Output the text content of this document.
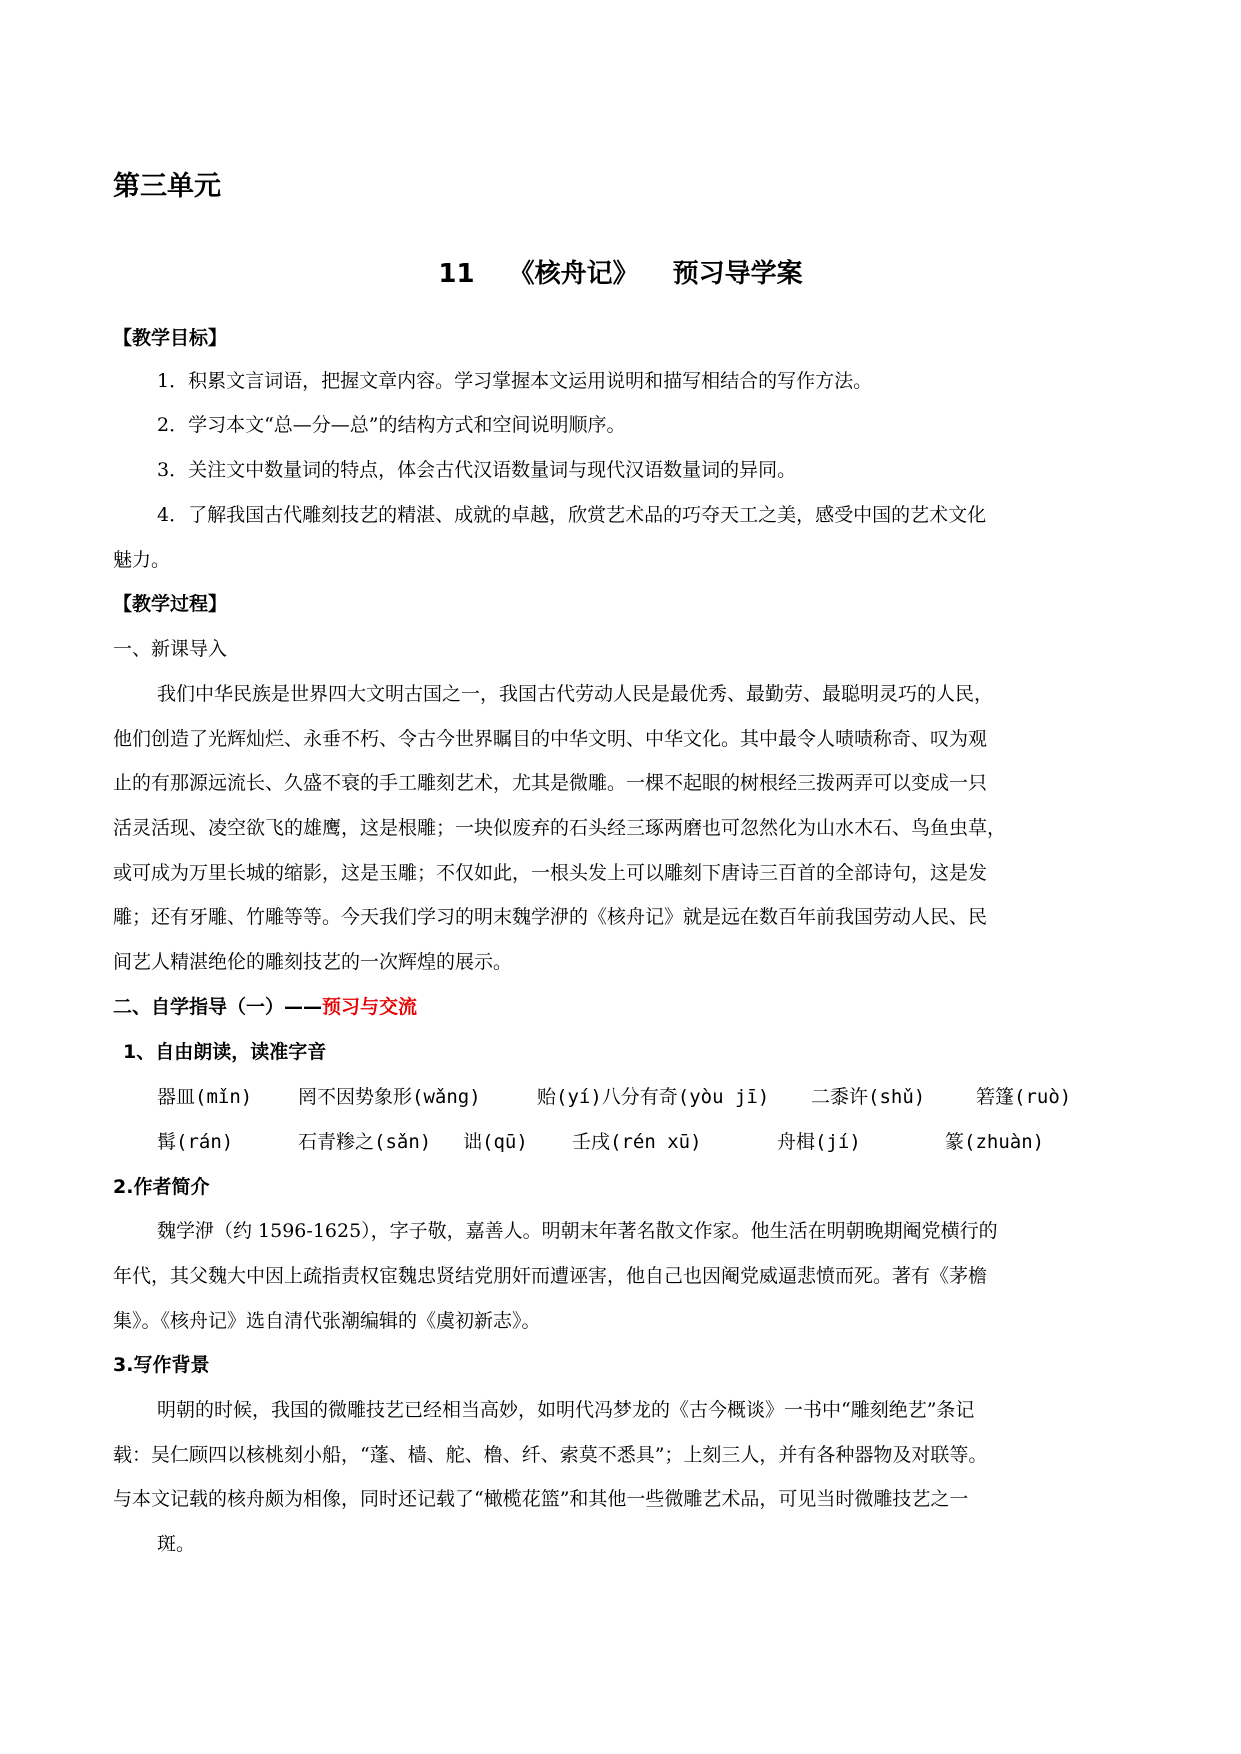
第三单元
11 《核舟记》 预习导学案
【教学目标】
1．积累文言词语，把握文章内容。学习掌握本文运用说明和描写相结合的写作方法。
2．学习本文“总—分—总”的结构方式和空间说明顺序。
3．关注文中数量词的特点，体会古代汉语数量词与现代汉语数量词的异同。
4．了解我国古代雕刻技艺的精湛、成就的卓越，欣赏艺术品的巧夺天工之美，感受中国的艺术文化
魅力。
【教学过程】
一、新课导入
我们中华民族是世界四大文明古国之一，我国古代劳动人民是最优秀、最勤劳、最聪明灵巧的人民，
他们创造了光辉灿烂、永垂不朽、令古今世界瞩目的中华文明、中华文化。其中最令人啧啧称奇、叹为观
止的有那源远流长、久盛不衰的手工雕刻艺术，尤其是微雕。一棵不起眼的树根经三拨两弄可以变成一只
活灵活现、凌空欲飞的雄鹰，这是根雕；一块似废弃的石头经三琢两磨也可忽然化为山水木石、鸟鱼虫草，
或可成为万里长城的缩影，这是玉雕；不仅如此，一根头发上可以雕刻下唐诗三百首的全部诗句，这是发
雕；还有牙雕、竹雕等等。今天我们学习的明末魏学洢的《核舟记》就是远在数百年前我国劳动人民、民
间艺人精湛绝伦的雕刻技艺的一次辉煌的展示。
二、自学指导（一）——预习与交流
1、自由朗读，读准字音
器皿(mǐn) 罔不因势象形(wǎng)	贻(yí)八分有奇(yòu jī) 二黍许(shǔ)	箬篷(ruò)
髯(rán)	石青糁之(sǎn) 诎(qū) 壬戌(rén xū)	舟楫(jí)	篆(zhuàn)
2.作者简介
魏学洢（约 1596-1625），字子敬，嘉善人。明朝末年著名散文作家。他生活在明朝晚期阉党横行的
年代，其父魏大中因上疏指责权宦魏忠贤结党朋奸而遭诬害，他自己也因阉党威逼悲愤而死。著有《茅檐
集》。《核舟记》选自清代张潮编辑的《虞初新志》。
3.写作背景
明朝的时候，我国的微雕技艺已经相当高妙，如明代冯梦龙的《古今概谈》一书中“雕刻绝艺”条记
载：吴仁顾四以核桃刻小船，“蓬、樯、舵、橹、纤、索莫不悉具”；上刻三人，并有各种器物及对联等。
与本文记载的核舟颇为相像，同时还记载了“橄榄花篮”和其他一些微雕艺术品，可见当时微雕技艺之一
斑。
